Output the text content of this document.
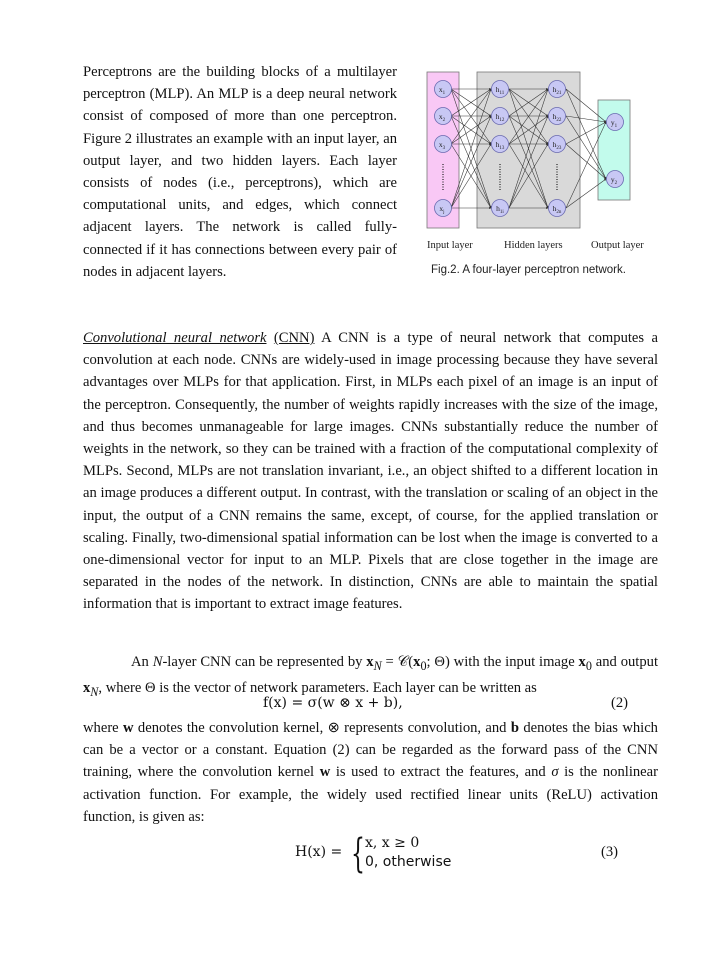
Perceptrons are the building blocks of a multilayer perceptron (MLP). An MLP is a deep neural network consist of composed of more than one perceptron. Figure 2 illustrates an example with an input layer, an output layer, and two hidden layers. Each layer consists of nodes (i.e., perceptrons), which are computational units, and edges, which connect adjacent layers. The network is called fully-connected if it has connections between every pair of nodes in adjacent layers.
$x_1$
$x_2$
$x_3$
$x_j$
$h_{11}$
$h_{12}$
$h_{13}$
$h_{1i}$
$h_{21}$
$h_{22}$
$h_{23}$
$h_{2n}$
$y_1$
$y_2$
Input layer	Hidden layers	Output layer
Fig.2. A four-layer perceptron network.
Convolutional neural network (CNN) A CNN is a type of neural network that computes a convolution at each node. CNNs are widely-used in image processing because they have several advantages over MLPs for that application. First, in MLPs each pixel of an image is an input of the perceptron. Consequently, the number of weights rapidly increases with the size of the image, and thus becomes unmanageable for large images. CNNs substantially reduce the number of weights in the network, so they can be trained with a fraction of the computational complexity of MLPs. Second, MLPs are not translation invariant, i.e., an object shifted to a different location in an image produces a different output. In contrast, with the translation or scaling of an object in the input, the output of a CNN remains the same, except, of course, for the applied translation or scaling. Finally, two-dimensional spatial information can be lost when the image is converted to a one-dimensional vector for input to an MLP. Pixels that are close together in the image are separated in the nodes of the network. In distinction, CNNs are able to maintain the spatial information that is important to extract image features.
An N-layer CNN can be represented by $x_N$ = $𝒞(x_0$; Θ) with the input image $x_0$ and output $x_N$, where Θ is the vector of network parameters. Each layer can be written as
f(x) = σ(w ⊗ x + b),	(2)
where w denotes the convolution kernel, ⊗ represents convolution, and b denotes the bias which can be a vector or a constant. Equation (2) can be regarded as the forward pass of the CNN training, where the convolution kernel w is used to extract the features, and σ is the nonlinear activation function. For example, the widely used rectified linear units (ReLU) activation function, is given as:
H(x) = { x, x ≥ 0
0, otherwise
(3)
